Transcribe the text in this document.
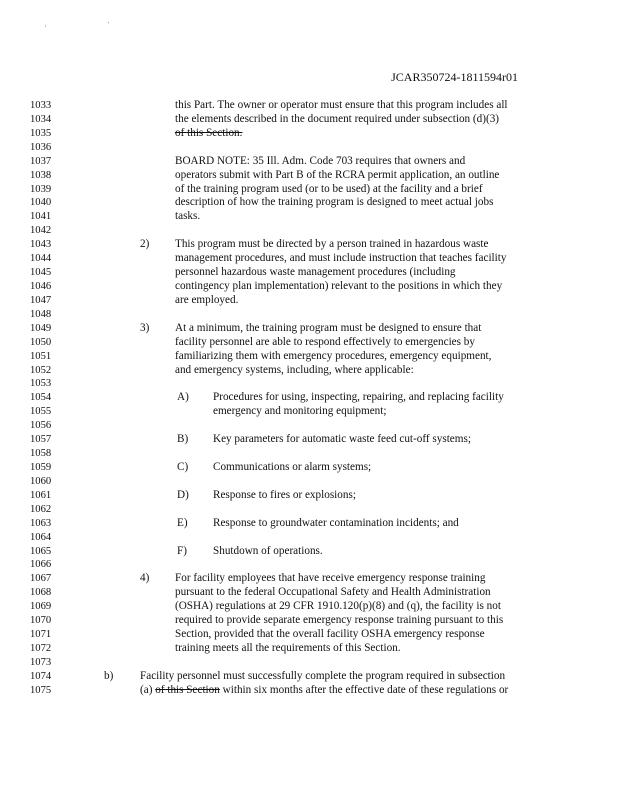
, '
JCAR350724-1811594r01
1033	this Part. The owner or operator must ensure that this program includes all
1034	the elements described in the document required under subsection (d)(3)
1035	of this Section.
1036
1037	BOARD NOTE: 35 Ill. Adm. Code 703 requires that owners and
1038	operators submit with Part B of the RCRA permit application, an outline
1039	of the training program used (or to be used) at the facility and a brief
1040	description of how the training program is designed to meet actual jobs
1041	tasks.
1042
1043	2) This program must be directed by a person trained in hazardous waste
1044	management procedures, and must include instruction that teaches facility
1045	personnel hazardous waste management procedures (including
1046	contingency plan implementation) relevant to the positions in which they
1047	are employed.
1048
1049	3) At a minimum, the training program must be designed to ensure that
1050	facility personnel are able to respond effectively to emergencies by
1051	familiarizing them with emergency procedures, emergency equipment,
1052	and emergency systems, including, where applicable:
1053
1054	A) Procedures for using, inspecting, repairing, and replacing facility
1055	emergency and monitoring equipment;
1056
1057	B) Key parameters for automatic waste feed cut-off systems;
1058
1059	C) Communications or alarm systems;
1060
1061	D) Response to fires or explosions;
1062
1063	E) Response to groundwater contamination incidents; and
1064
1065	F) Shutdown of operations.
1066
1067	4) For facility employees that have receive emergency response training
1068	pursuant to the federal Occupational Safety and Health Administration
1069	(OSHA) regulations at 29 CFR 1910.120(p)(8) and (q), the facility is not
1070	required to provide separate emergency response training pursuant to this
1071	Section, provided that the overall facility OSHA emergency response
1072	training meets all the requirements of this Section.
1073
1074	b) Facility personnel must successfully complete the program required in subsection
1075	(a) of this Section within six months after the effective date of these regulations or
